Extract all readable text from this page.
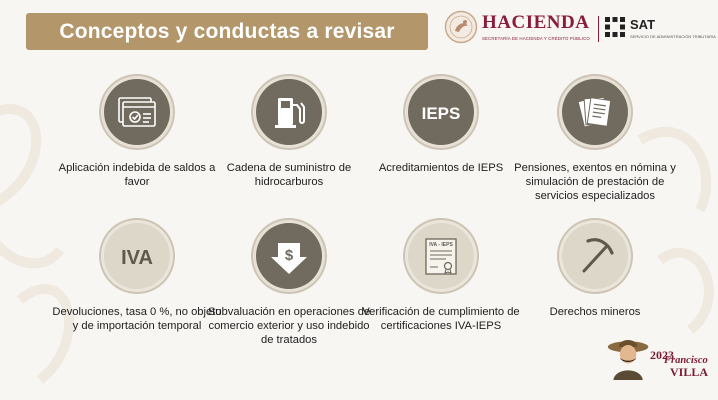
Conceptos y conductas a revisar	HACIENDA
SECRETARÍA DE HACIENDA Y CRÉDITO PÚBLICO
SAT
SERVICIO DE ADMINISTRACIÓN TRIBUTARIA
Aplicación indebida de saldos a favor
Cadena de suministro de hidrocarburos
IEPS
Acreditamientos de IEPS Pensiones, exentos en nómina y simulación de prestación de servicios especializados
IVA
Devoluciones, tasa 0 %, no objeto y de importación temporal
$
Subvaluación en operaciones de comercio exterior y uso indebido de tratados
IVA - IEPS
Verificación de cumplimiento de certificaciones IVA-IEPS
Derechos mineros
2023
Francisco
VILLA
